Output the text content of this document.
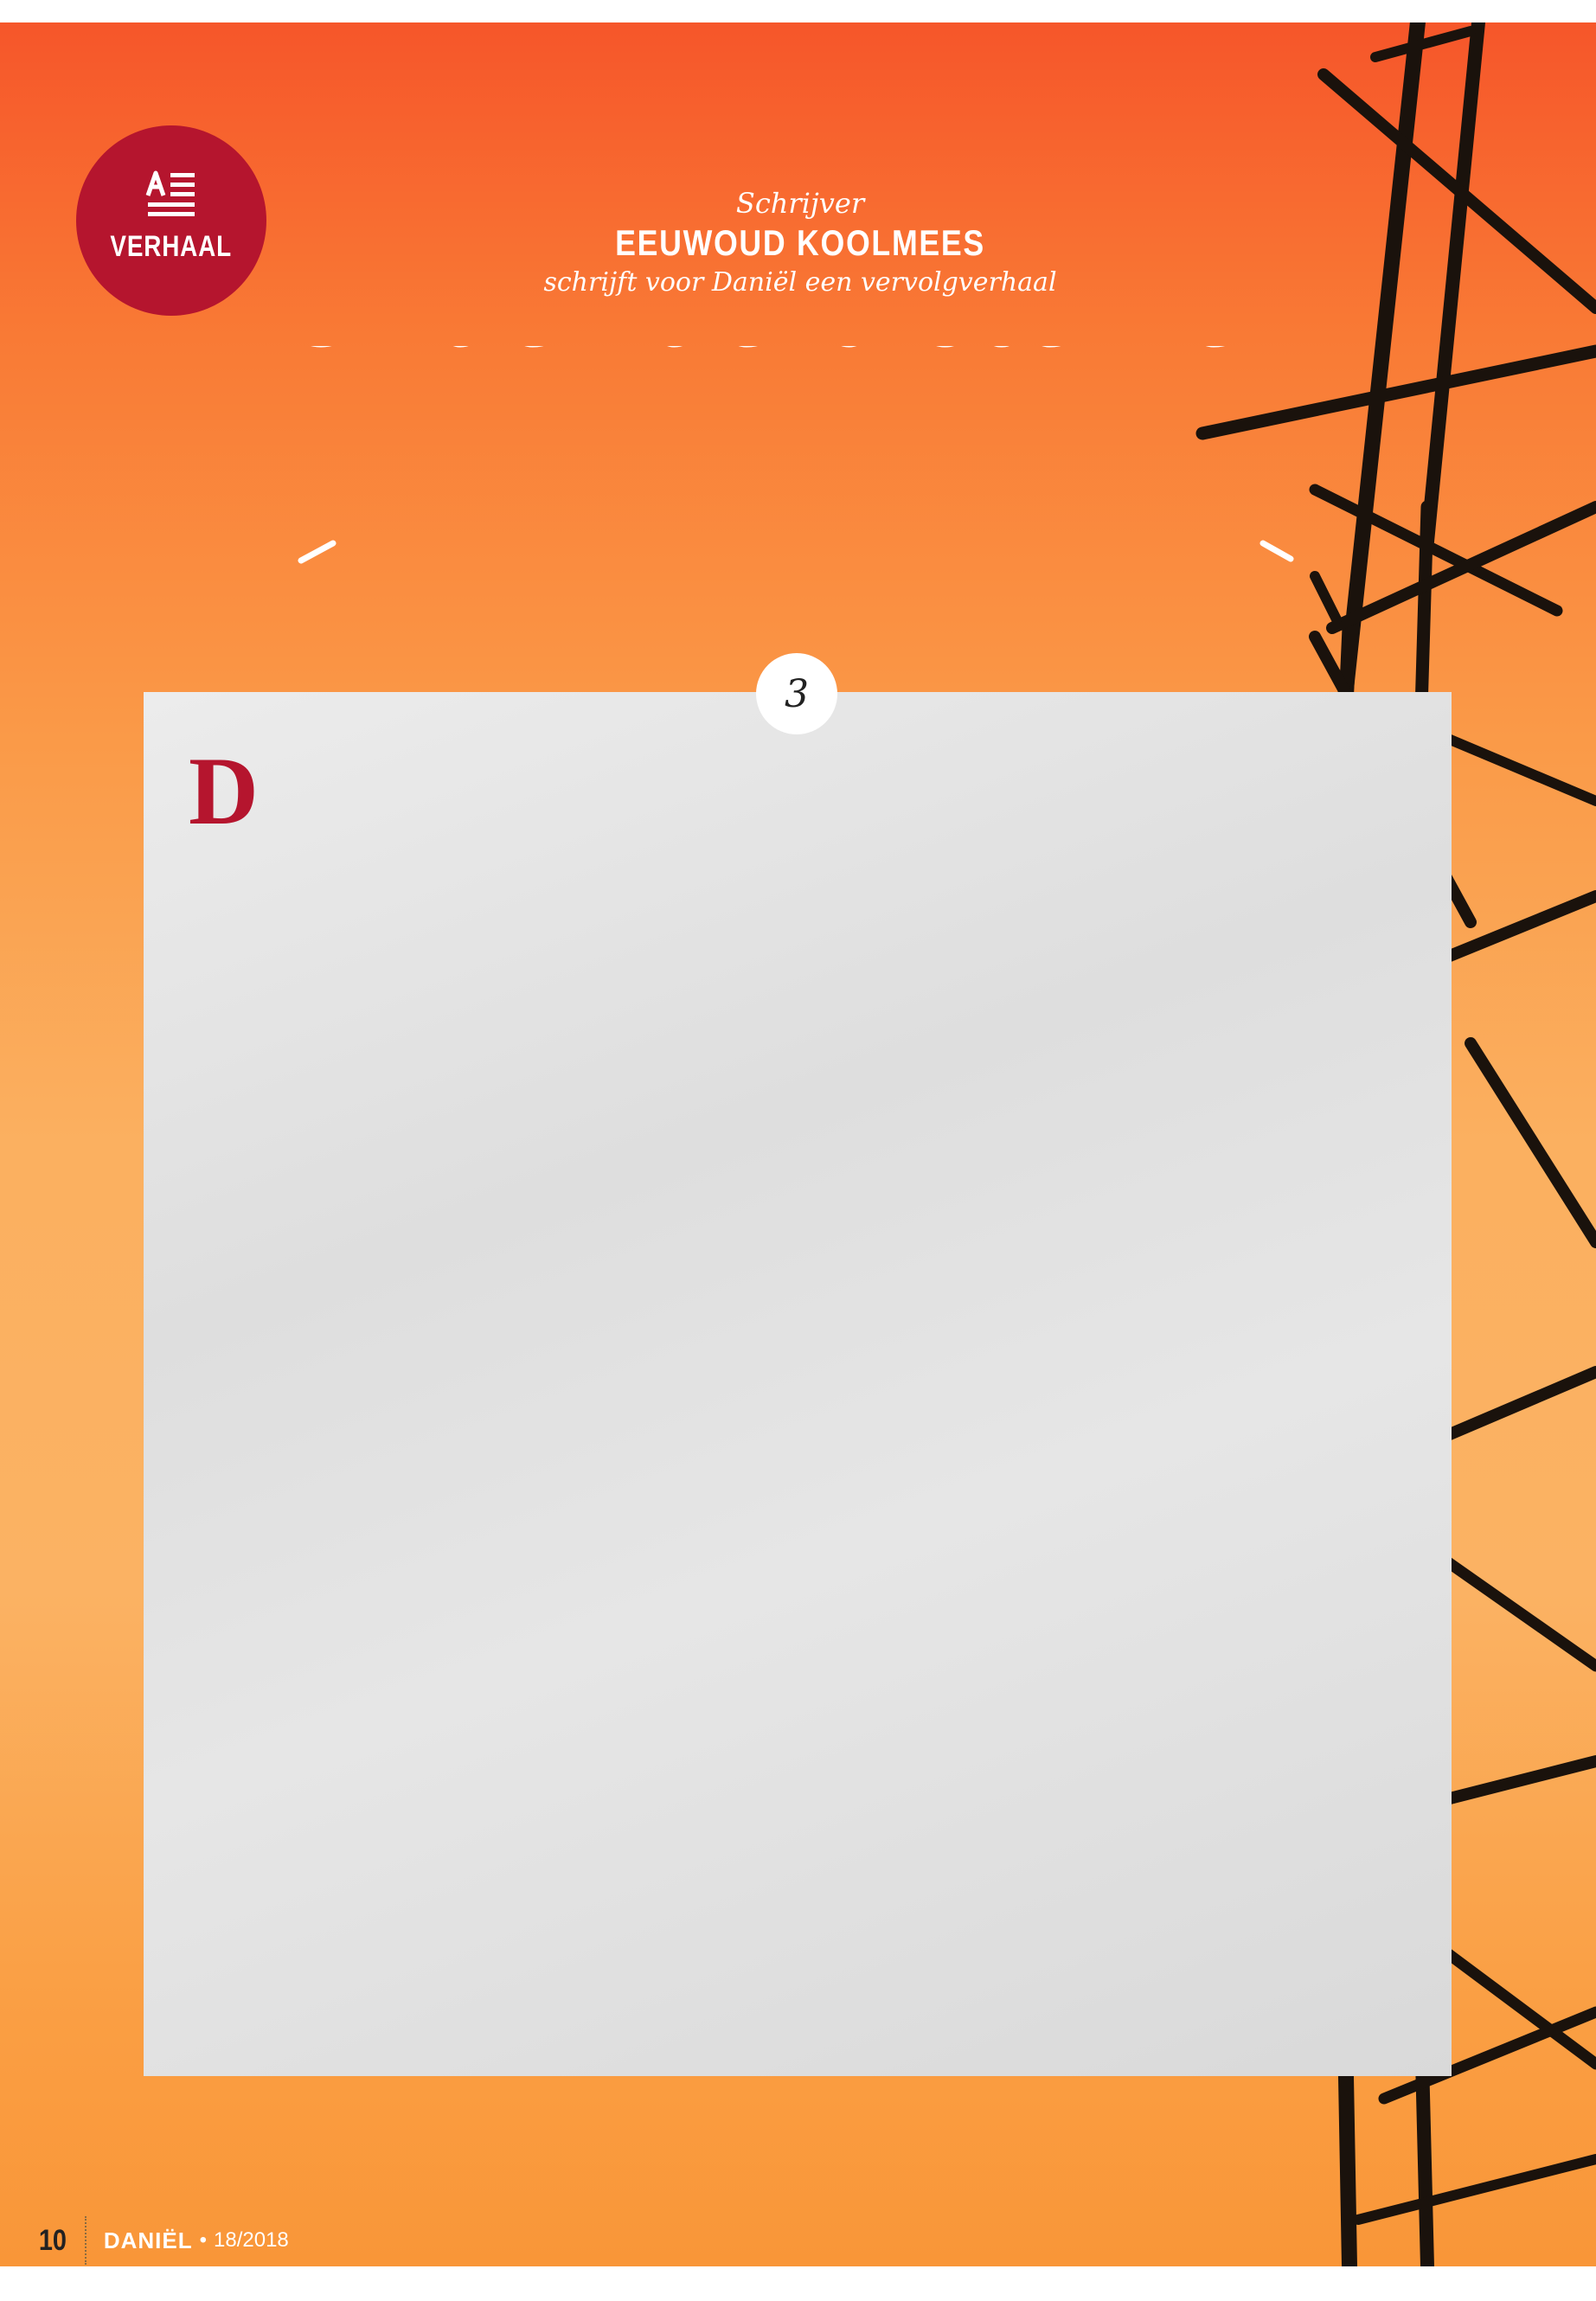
VERHAAL
Schrijver
EEUWOUD KOOLMEES
schrijft voor Daniël een vervolgverhaal
3
D
10 DANIËL • 18/2018
